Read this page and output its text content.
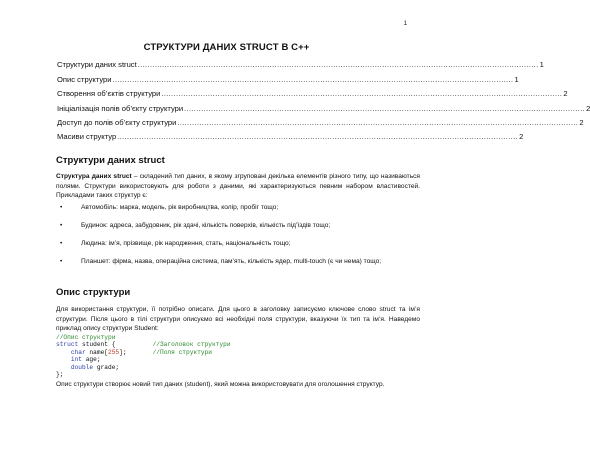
1
СТРУКТУРИ ДАНИХ STRUCT В C++
Структури даних struct .................................................................................................................................................................... 1
Опис структури .................................................................................................................................................................... 1
Створення об’єктів структури .................................................................................................................................................................... 2
Ініціалізація полів об’єкту структури .................................................................................................................................................................... 2
Доступ до полів об’єкту структури .................................................................................................................................................................... 2
Масиви структур .................................................................................................................................................................... 2
Структури даних struct
Структура даних struct – складений тип даних, в якому згруповані декілька елементів різного типу, що називаються полями. Структури використовують для роботи з даними, які характеризуються певним набором властивостей. Прикладами таких структур є:
•	Автомобіль: марка, модель, рік виробництва, колір, пробіг тощо;
•	Будинок: адреса, забудовник, рік здачі, кількість поверхів, кількість під’їздів тощо;
•	Людина: ім’я, прізвище, рік народження, стать, національність тощо;
•	Планшет: фірма, назва, операційна система, пам’ять, кількість ядер, multi-touch (є чи нема) тощо;
Опис структури
Для використання структури, її потрібно описати. Для цього в заголовку записуємо ключове слово struct та ім’я структури. Після цього в тілі структури описуємо всі необхідні поля структури, вказуючи їх тип та ім’я. Наведемо приклад опису структури Student:
//Опис структури
struct student {	//Заголовок структури
char name[255];	//Поля структури
int age;
double grade;
};
Опис структури створює новий тип даних (student), який можна використовувати для оголошення структур.
